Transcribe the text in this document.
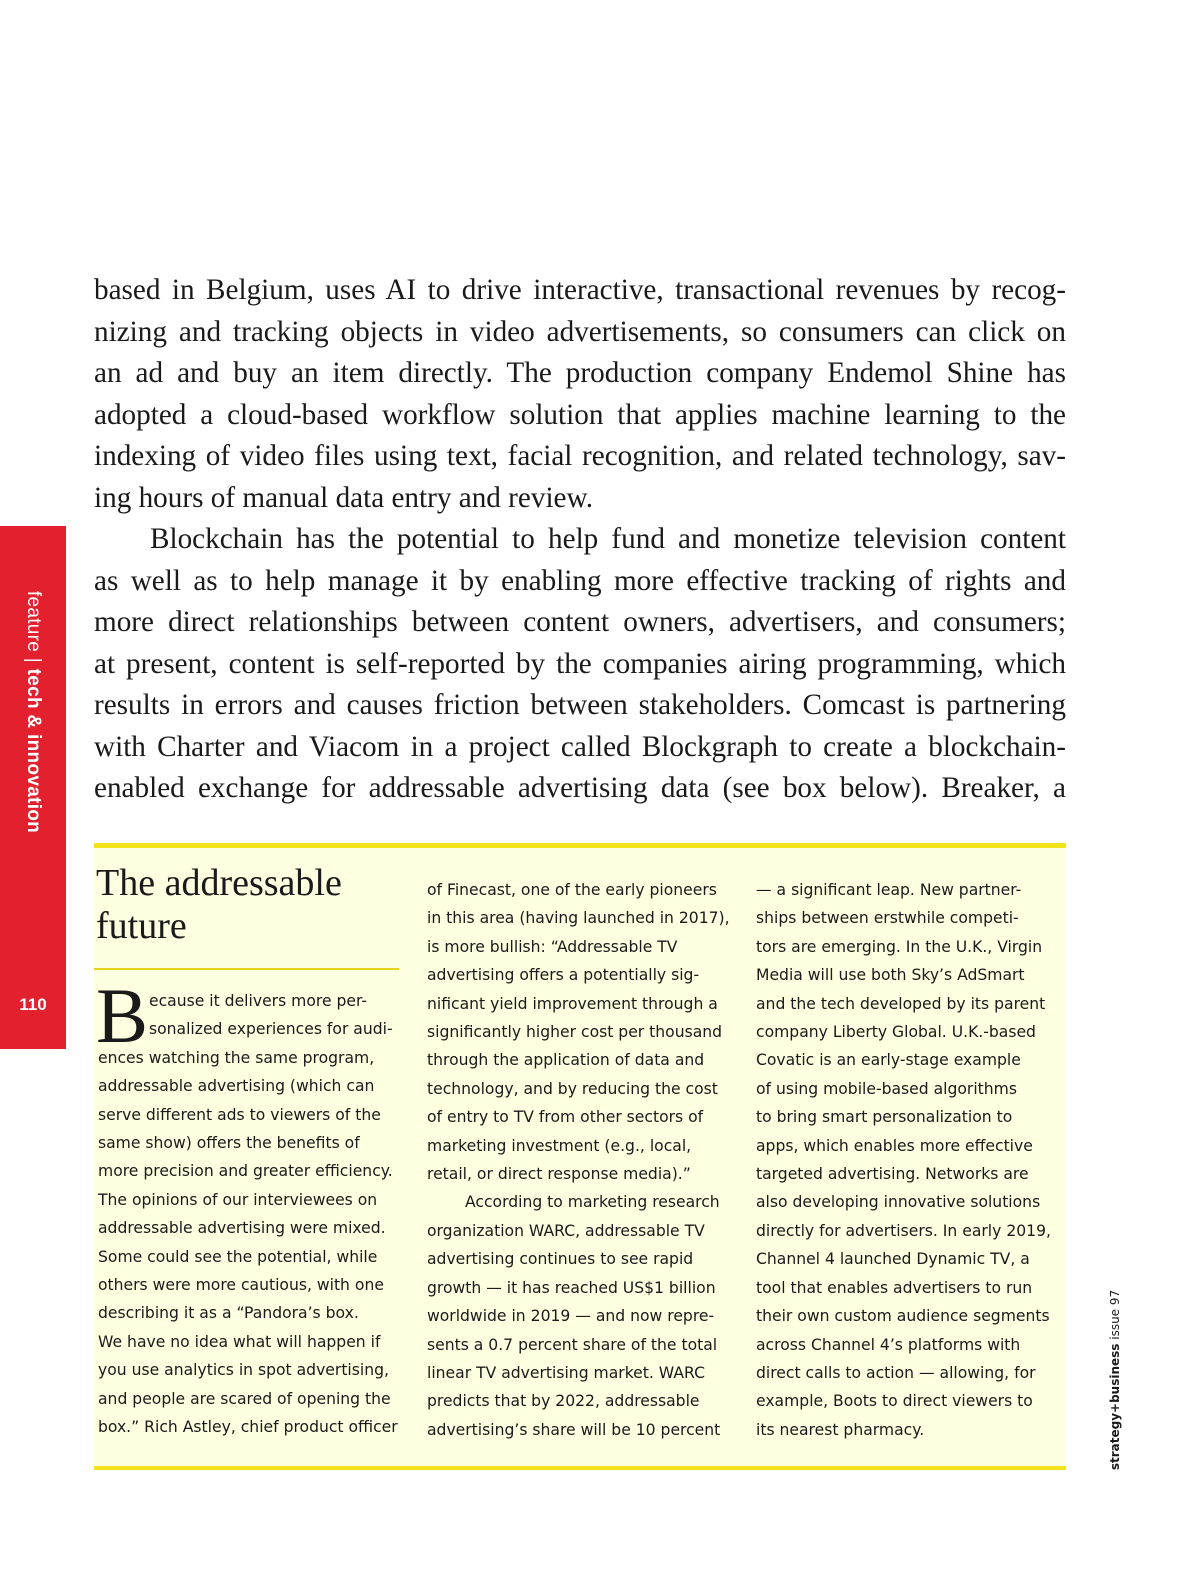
feature | tech & innovation
110
based in Belgium, uses AI to drive interactive, transactional revenues by recog-
nizing and tracking objects in video advertisements, so consumers can click on
an ad and buy an item directly. The production company Endemol Shine has
adopted a cloud-based workflow solution that applies machine learning to the
indexing of video files using text, facial recognition, and related technology, sav-
ing hours of manual data entry and review.
Blockchain has the potential to help fund and monetize television content
as well as to help manage it by enabling more effective tracking of rights and
more direct relationships between content owners, advertisers, and consumers;
at present, content is self-reported by the companies airing programming, which
results in errors and causes friction between stakeholders. Comcast is partnering
with Charter and Viacom in a project called Blockgraph to create a blockchain-
enabled exchange for addressable advertising data (see box below). Breaker, a
The addressable
future
B ecause it delivers more per-
sonalized experiences for audi-
ences watching the same program,
addressable advertising (which can
serve different ads to viewers of the
same show) offers the benefits of
more precision and greater efficiency.
The opinions of our interviewees on
addressable advertising were mixed.
Some could see the potential, while
others were more cautious, with one
describing it as a “Pandora’s box.
We have no idea what will happen if
you use analytics in spot advertising,
and people are scared of opening the
box.” Rich Astley, chief product officer
of Finecast, one of the early pioneers
in this area (having launched in 2017),
is more bullish: “Addressable TV
advertising offers a potentially sig-
nificant yield improvement through a
significantly higher cost per thousand
through the application of data and
technology, and by reducing the cost
of entry to TV from other sectors of
marketing investment (e.g., local,
retail, or direct response media).”
According to marketing research
organization WARC, addressable TV
advertising continues to see rapid
growth — it has reached US$1 billion
worldwide in 2019 — and now repre-
sents a 0.7 percent share of the total
linear TV advertising market. WARC
predicts that by 2022, addressable
advertising’s share will be 10 percent
— a significant leap. New partner-
ships between erstwhile competi-
tors are emerging. In the U.K., Virgin
Media will use both Sky’s AdSmart
and the tech developed by its parent
company Liberty Global. U.K.-based
Covatic is an early-stage example
of using mobile-based algorithms
to bring smart personalization to
apps, which enables more effective
targeted advertising. Networks are
also developing innovative solutions
directly for advertisers. In early 2019,
Channel 4 launched Dynamic TV, a
tool that enables advertisers to run
their own custom audience segments
across Channel 4’s platforms with
direct calls to action — allowing, for
example, Boots to direct viewers to
its nearest pharmacy.	strategy+business issue 97
